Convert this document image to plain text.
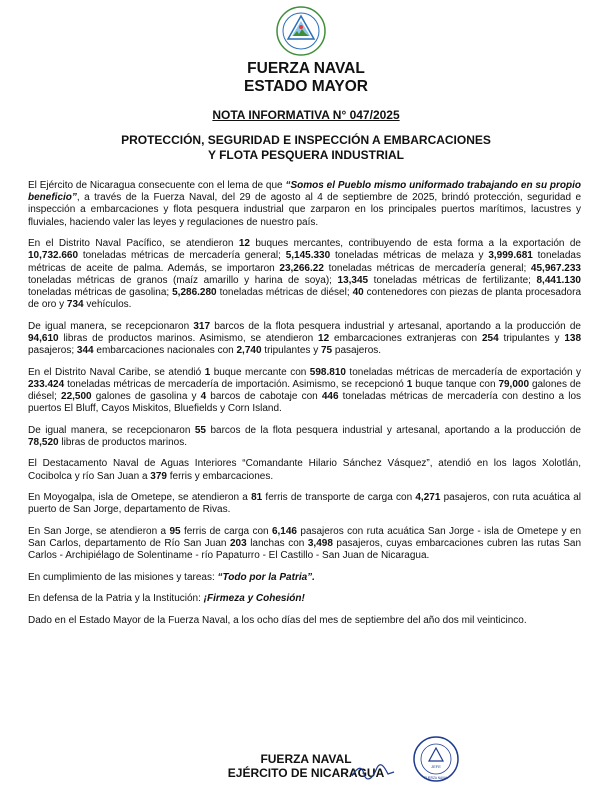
FUERZA NAVAL
ESTADO MAYOR
NOTA INFORMATIVA N° 047/2025
PROTECCIÓN, SEGURIDAD E INSPECCIÓN A EMBARCACIONES
Y FLOTA PESQUERA INDUSTRIAL

El Ejército de Nicaragua consecuente con el lema de que “Somos el Pueblo mismo uniformado trabajando en su propio beneficio”, a través de la Fuerza Naval, del 29 de agosto al 4 de septiembre de 2025, brindó protección, seguridad e inspección a embarcaciones y flota pesquera industrial que zarparon en los principales puertos marítimos, lacustres y fluviales, haciendo valer las leyes y regulaciones de nuestro país.

En el Distrito Naval Pacífico, se atendieron 12 buques mercantes, contribuyendo de esta forma a la exportación de 10,732.660 toneladas métricas de mercadería general; 5,145.330 toneladas métricas de melaza y 3,999.681 toneladas métricas de aceite de palma. Además, se importaron 23,266.22 toneladas métricas de mercadería general; 45,967.233 toneladas métricas de granos (maíz amarillo y harina de soya); 13,345 toneladas métricas de fertilizante; 8,441.130 toneladas métricas de gasolina; 5,286.280 toneladas métricas de diésel; 40 contenedores con piezas de planta procesadora de oro y 734 vehículos.

De igual manera, se recepcionaron 317 barcos de la flota pesquera industrial y artesanal, aportando a la producción de 94,610 libras de productos marinos. Asimismo, se atendieron 12 embarcaciones extranjeras con 254 tripulantes y 138 pasajeros; 344 embarcaciones nacionales con 2,740 tripulantes y 75 pasajeros.

En el Distrito Naval Caribe, se atendió 1 buque mercante con 598.810 toneladas métricas de mercadería de exportación y 233.424 toneladas métricas de mercadería de importación. Asimismo, se recepcionó 1 buque tanque con 79,000 galones de diésel; 22,500 galones de gasolina y 4 barcos de cabotaje con 446 toneladas métricas de mercadería con destino a los puertos El Bluff, Cayos Miskitos, Bluefields y Corn Island.

De igual manera, se recepcionaron 55 barcos de la flota pesquera industrial y artesanal, aportando a la producción de 78,520 libras de productos marinos.

El Destacamento Naval de Aguas Interiores “Comandante Hilario Sánchez Vásquez”, atendió en los lagos Xolotlán, Cocibolca y río San Juan a 379 ferris y embarcaciones.

En Moyogalpa, isla de Ometepe, se atendieron a 81 ferris de transporte de carga con 4,271 pasajeros, con ruta acuática al puerto de San Jorge, departamento de Rivas.

En San Jorge, se atendieron a 95 ferris de carga con 6,146 pasajeros con ruta acuática San Jorge - isla de Ometepe y en San Carlos, departamento de Río San Juan 203 lanchas con 3,498 pasajeros, cuyas embarcaciones cubren las rutas San Carlos - Archipiélago de Solentiname - río Papaturro - El Castillo - San Juan de Nicaragua.

En cumplimiento de las misiones y tareas: “Todo por la Patria”.

En defensa de la Patria y la Institución: ¡Firmeza y Cohesión!

Dado en el Estado Mayor de la Fuerza Naval, a los ocho días del mes de septiembre del año dos mil veinticinco.

FUERZA NAVAL
EJÉRCITO DE NICARAGUA	JEFE
FUERZA NAVAL
